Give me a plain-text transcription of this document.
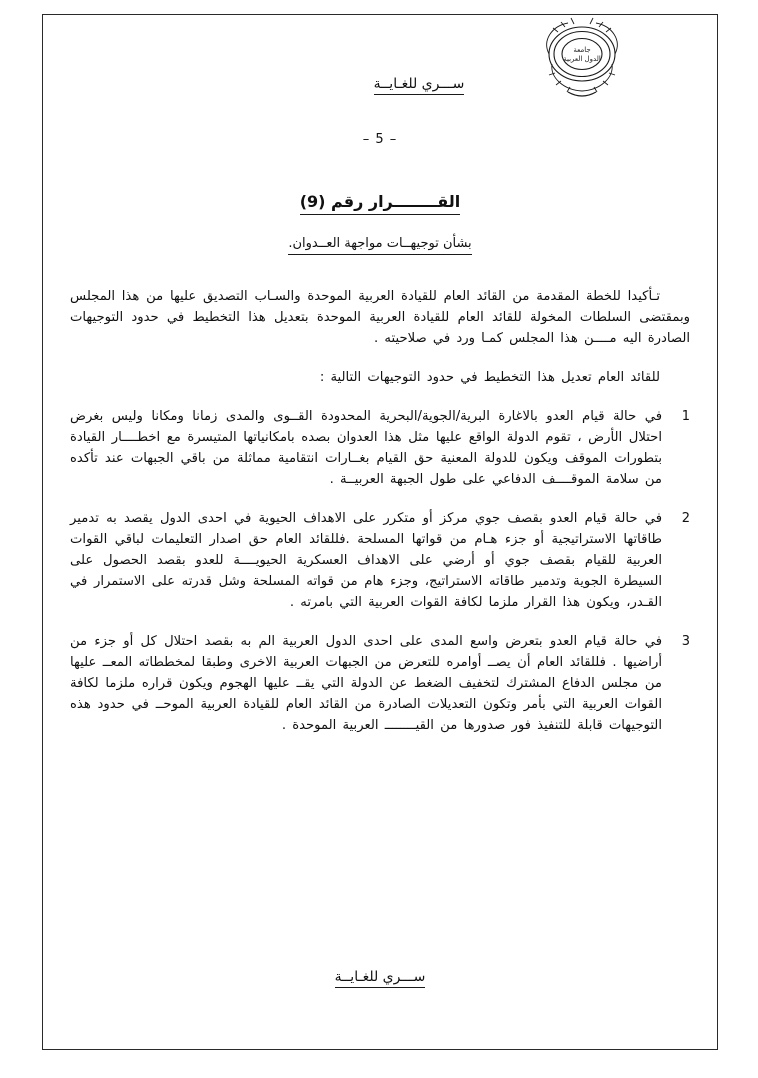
جامعة
الدول العربية
ســـري للغـايــة
– 5 –
القــــــــرار رقم (9)
بشأن توجيهــات مواجهة العــدوان.

تـأكيدا للخطة المقدمة من القائد العام للقيادة العربية الموحدة والسـاب التصديق عليها من هذا المجلس وبمقتضى السلطات المخولة للقائد العام للقيادة العربية الموحدة بتعديل هذا التخطيط في حدود التوجيهات الصادرة اليه مــــن هذا المجلس كمـا ورد في صلاحيته .

للقائد العام تعديل هذا التخطيط في حدود التوجيهات التالية :

1
في حالة قيام العدو بالاغارة البرية/الجوية/البحرية المحدودة القــوى والمدى زمانا ومكانا وليس بغرض احتلال الأرض ، تقوم الدولة الواقع عليها مثل هذا العدوان بصده بامكانياتها المتيسرة مع اخطــــار القيادة بتطورات الموقف ويكون للدولة المعنية حق القيام بغــارات انتقامية مماثلة من باقي الجبهات عند تأكده من سلامة الموقــــف الدفاعي على طول الجبهة العربيــة .
2
في حالة قيام العدو بقصف جوي مركز أو متكرر على الاهداف الحيوية في احدى الدول يقصد به تدمير طاقاتها الاستراتيجية أو جزء هـام من قواتها المسلحة .فللقائد العام حق اصدار التعليمات لباقي القوات العربية للقيام بقصف جوي أو أرضي على الاهداف العسكرية الحيويــــة للعدو بقصد الحصول على السيطرة الجوية وتدمير طاقاته الاستراتيج، وجزء هام من قواته المسلحة وشل قدرته على الاستمرار في القـدر، ويكون هذا القرار ملزما لكافة القوات العربية التي بامرته .
3
في حالة قيام العدو بتعرض واسع المدى على احدى الدول العربية الم به بقصد احتلال كل أو جزء من أراضيها . فللقائد العام أن يصــ أوامره للتعرض من الجبهات العربية الاخرى وطبقا لمخططاته المعــ عليها من مجلس الدفاع المشترك لتخفيف الضغط عن الدولة التي يقــ عليها الهجوم ويكون قراره ملزما لكافة القوات العربية التي بأمر وتكون التعديلات الصادرة من القائد العام للقيادة العربية الموحــ في حدود هذه التوجيهات قابلة للتنفيذ فور صدورها من القيــــــــ العربية الموحدة .
ســـري للغـايــة
